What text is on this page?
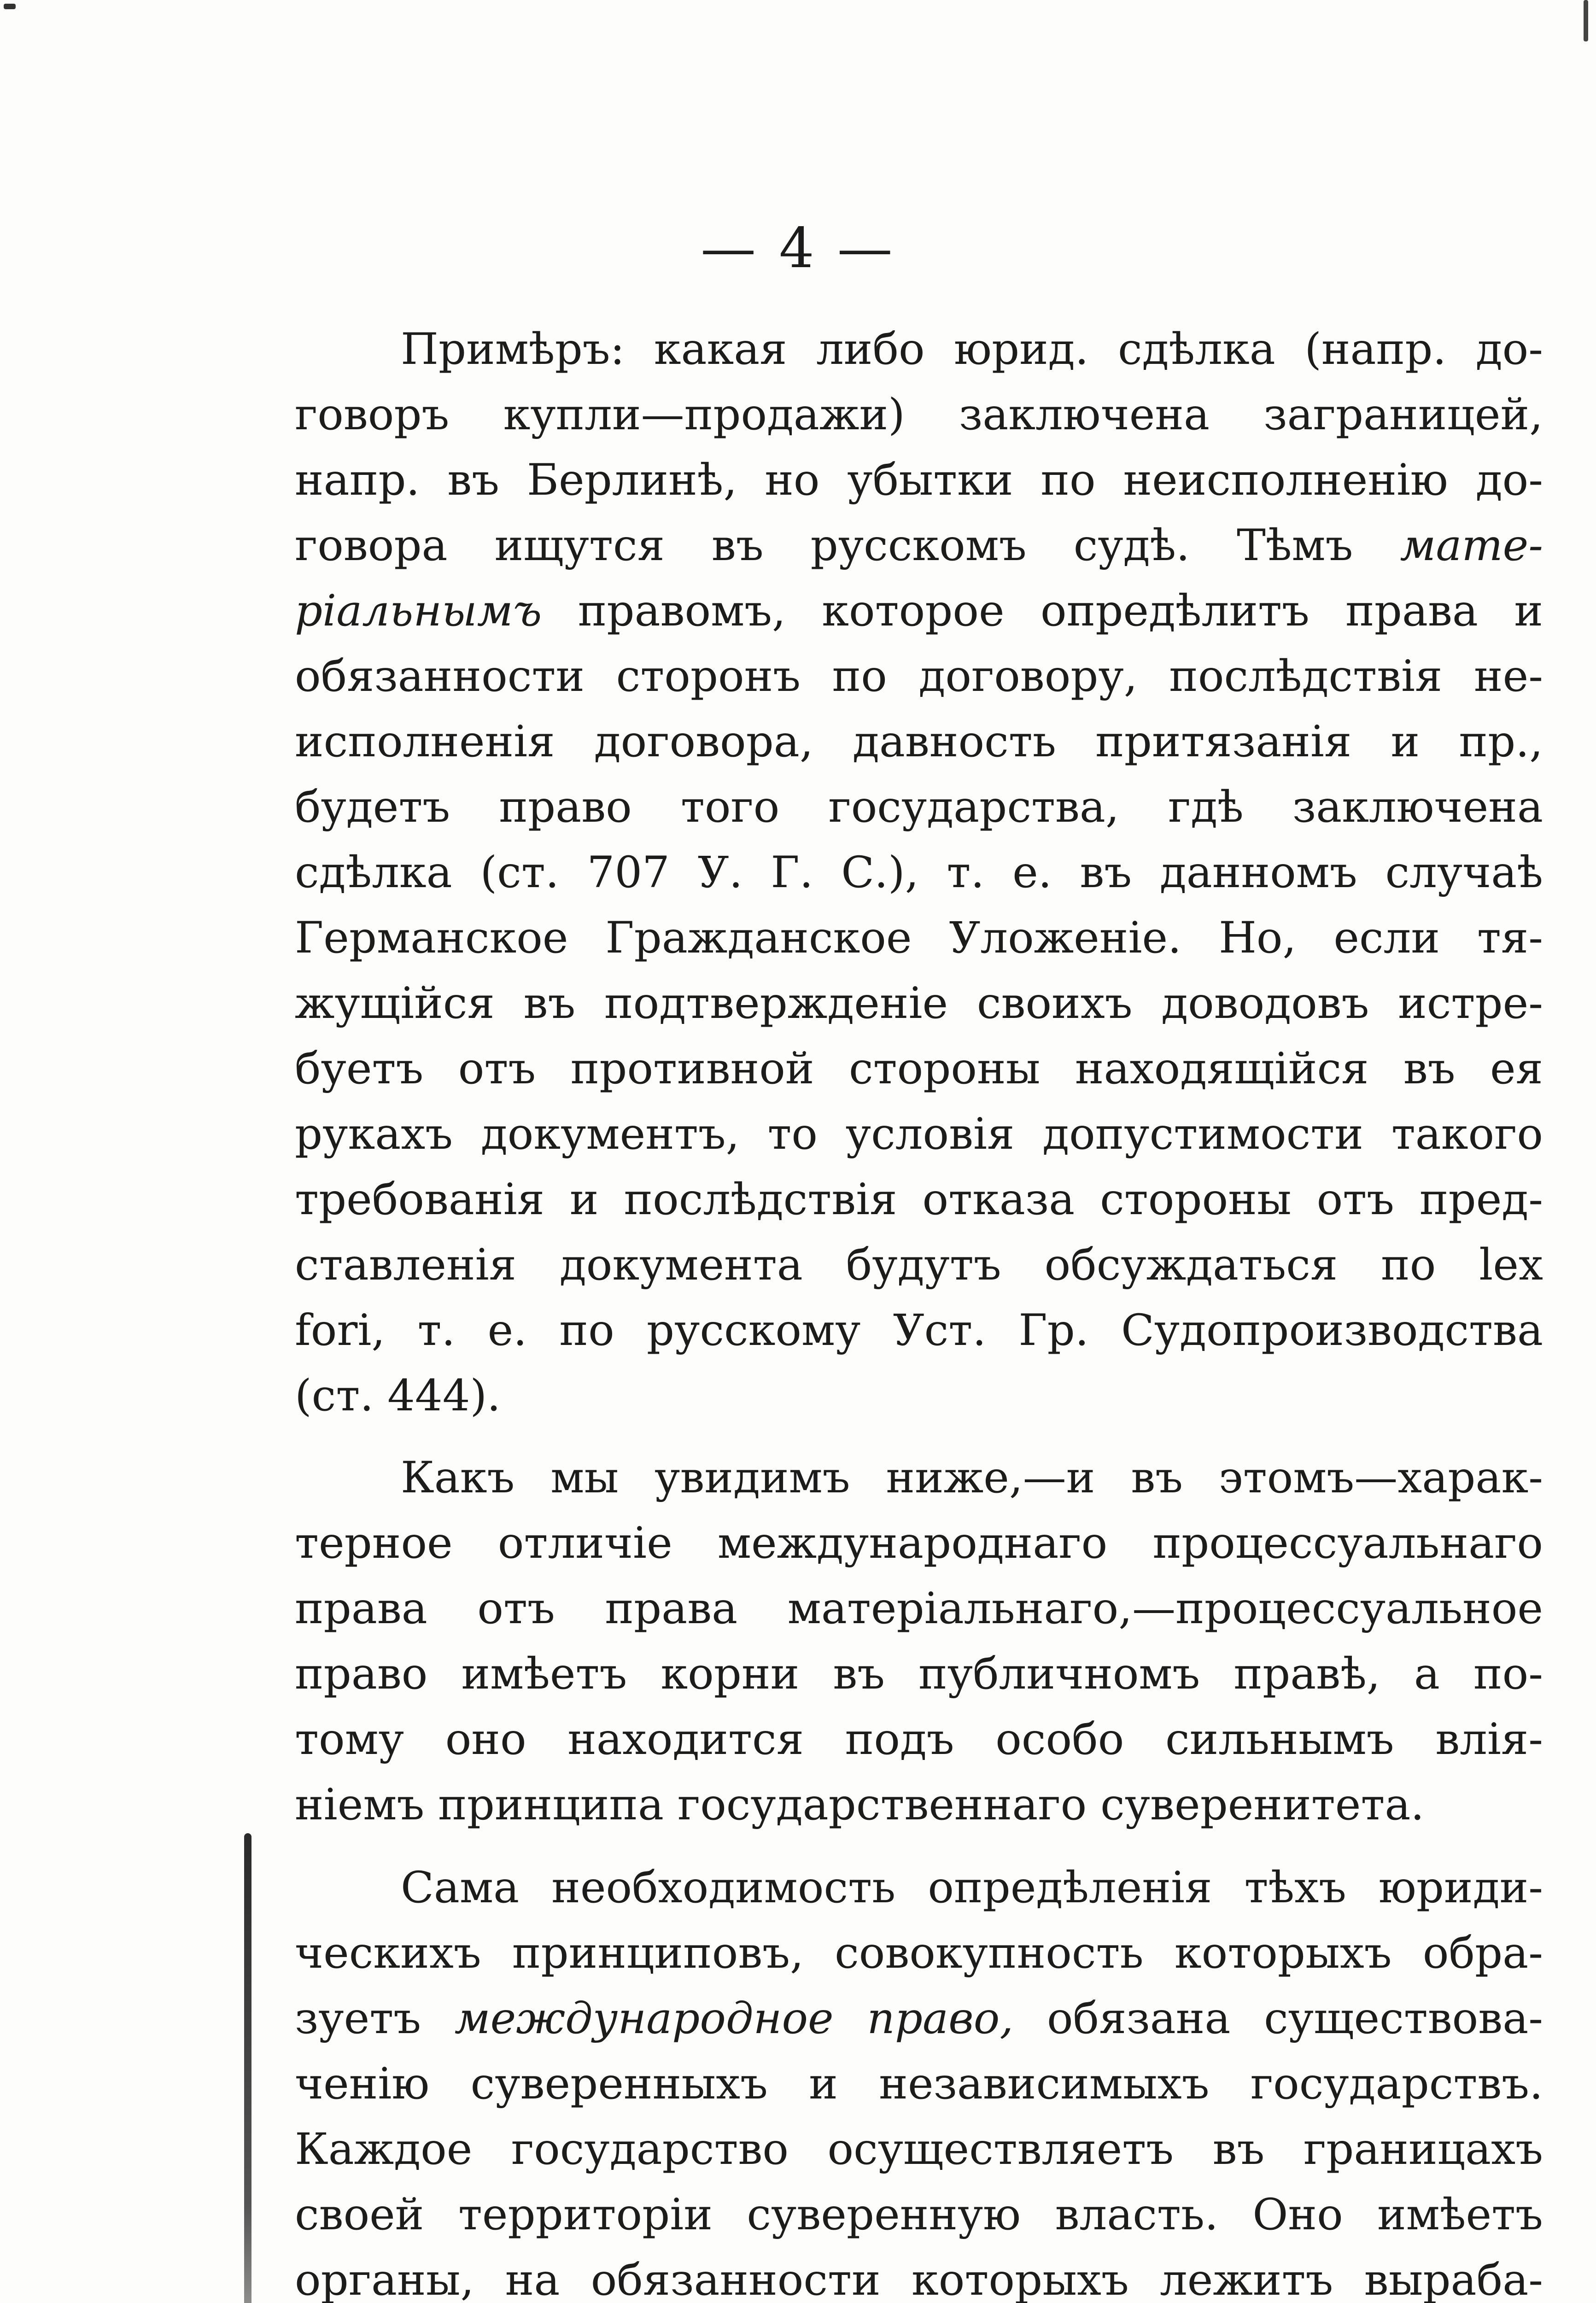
— 4 —
Примѣръ: какая либо юрид. сдѣлка (напр. до-
говоръ купли—продажи) заключена заграницей,
напр. въ Берлинѣ, но убытки по неисполненію до-
говора ищутся въ русскомъ судѣ. Тѣмъ мате-
ріальнымъ правомъ, которое опредѣлитъ права и
обязанности сторонъ по договору, послѣдствія не-
исполненія договора, давность притязанія и пр.,
будетъ право того государства, гдѣ заключена
сдѣлка (ст. 707 У. Г. С.), т. е. въ данномъ случаѣ
Германское Гражданское Уложеніе. Но, если тя-
жущійся въ подтвержденіе своихъ доводовъ истре-
буетъ отъ противной стороны находящійся въ ея
рукахъ документъ, то условія допустимости такого
требованія и послѣдствія отказа стороны отъ пред-
ставленія документа будутъ обсуждаться по lex
fori, т. е. по русскому Уст. Гр. Судопроизводства
(ст. 444).
Какъ мы увидимъ ниже,—и въ этомъ—харак-
терное отличіе международнаго процессуальнаго
права отъ права матеріальнаго,—процессуальное
право имѣетъ корни въ публичномъ правѣ, а по-
тому оно находится подъ особо сильнымъ влія-
ніемъ принципа государственнаго суверенитета.
Сама необходимость опредѣленія тѣхъ юриди-
ческихъ принциповъ, совокупность которыхъ обра-
зуетъ международное право, обязана существова-
ченію суверенныхъ и независимыхъ государствъ.
Каждое государство осуществляетъ въ границахъ
своей территоріи суверенную власть. Оно имѣетъ
органы, на обязанности которыхъ лежитъ выраба-
